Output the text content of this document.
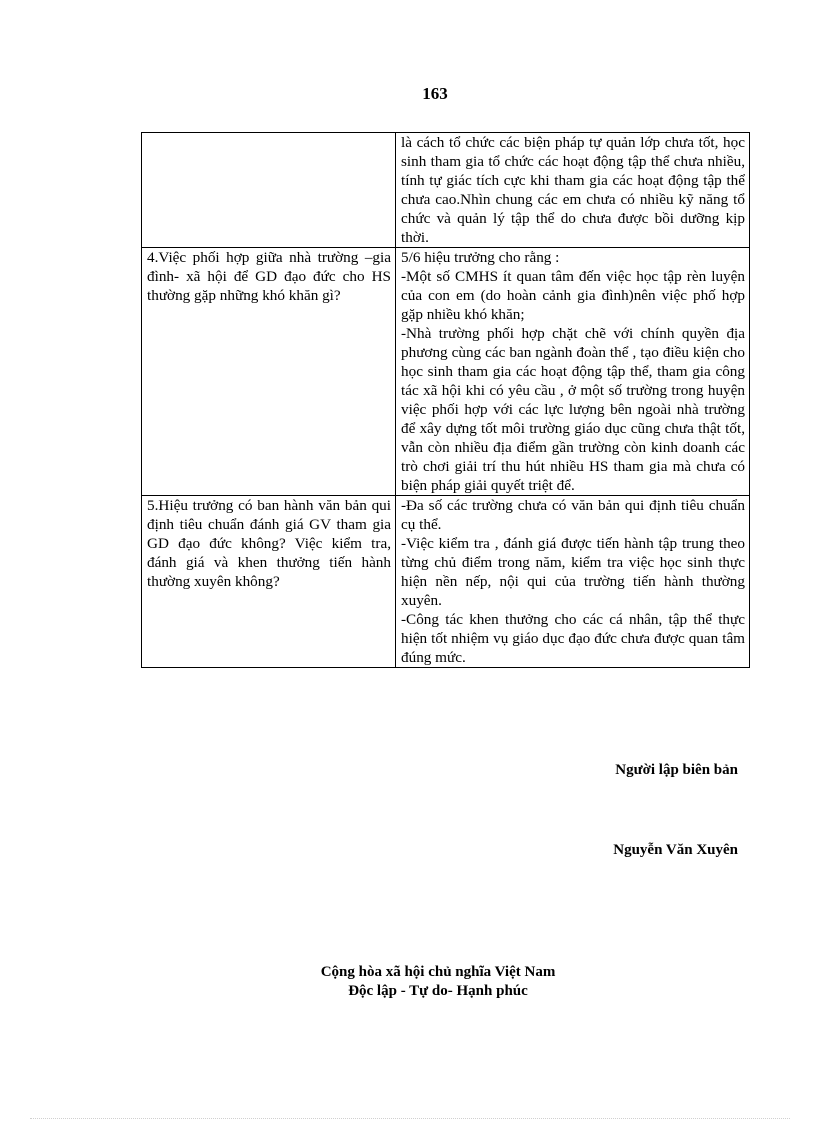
163

	là cách tổ chức các biện pháp tự quản lớp chưa tốt, học sinh tham gia tổ chức các hoạt động tập thể chưa nhiều, tính tự giác tích cực khi tham gia các hoạt động tập thể chưa cao.Nhìn chung các em chưa có nhiều kỹ năng tổ chức và quản lý tập thể do chưa được bồi dưỡng kịp thời.

4.Việc phối hợp giữa nhà trường –gia đình- xã hội để GD đạo đức cho HS thường gặp những khó khăn gì?	5/6 hiệu trưởng cho rằng :
-Một số CMHS ít quan tâm đến việc học tập rèn luyện của con em (do hoàn cảnh gia đình)nên việc phố hợp gặp nhiều khó khăn;
-Nhà trường phối hợp chặt chẽ với chính quyền địa phương cùng các ban ngành đoàn thể , tạo điều kiện cho học sinh tham gia các hoạt động tập thể, tham gia công tác xã hội khi có yêu cầu , ở một số trường trong huyện việc phối hợp với các lực lượng bên ngoài nhà trường để xây dựng tốt môi trường giáo dục cũng chưa thật tốt, vẫn còn nhiều địa điểm gần trường còn kinh doanh các trò chơi giải trí thu hút nhiều HS tham gia mà chưa có biện pháp giải quyết triệt để.

5.Hiệu trưởng có ban hành văn bản qui định tiêu chuẩn đánh giá GV tham gia GD đạo đức không? Việc kiểm tra, đánh giá và khen thưởng tiến hành thường xuyên không?	-Đa số các trường chưa có văn bản qui định tiêu chuẩn cụ thể.
-Việc kiểm tra , đánh giá được tiến hành tập trung theo từng chủ điểm trong năm, kiểm tra việc học sinh thực hiện nền nếp, nội qui của trường tiến hành thường xuyên.
-Công tác khen thưởng cho các cá nhân, tập thể thực hiện tốt nhiệm vụ giáo dục đạo đức chưa được quan tâm đúng mức.
Người lập biên bản
Nguyễn Văn Xuyên
Cộng hòa xã hội chủ nghĩa Việt Nam
Độc lập - Tự do- Hạnh phúc
